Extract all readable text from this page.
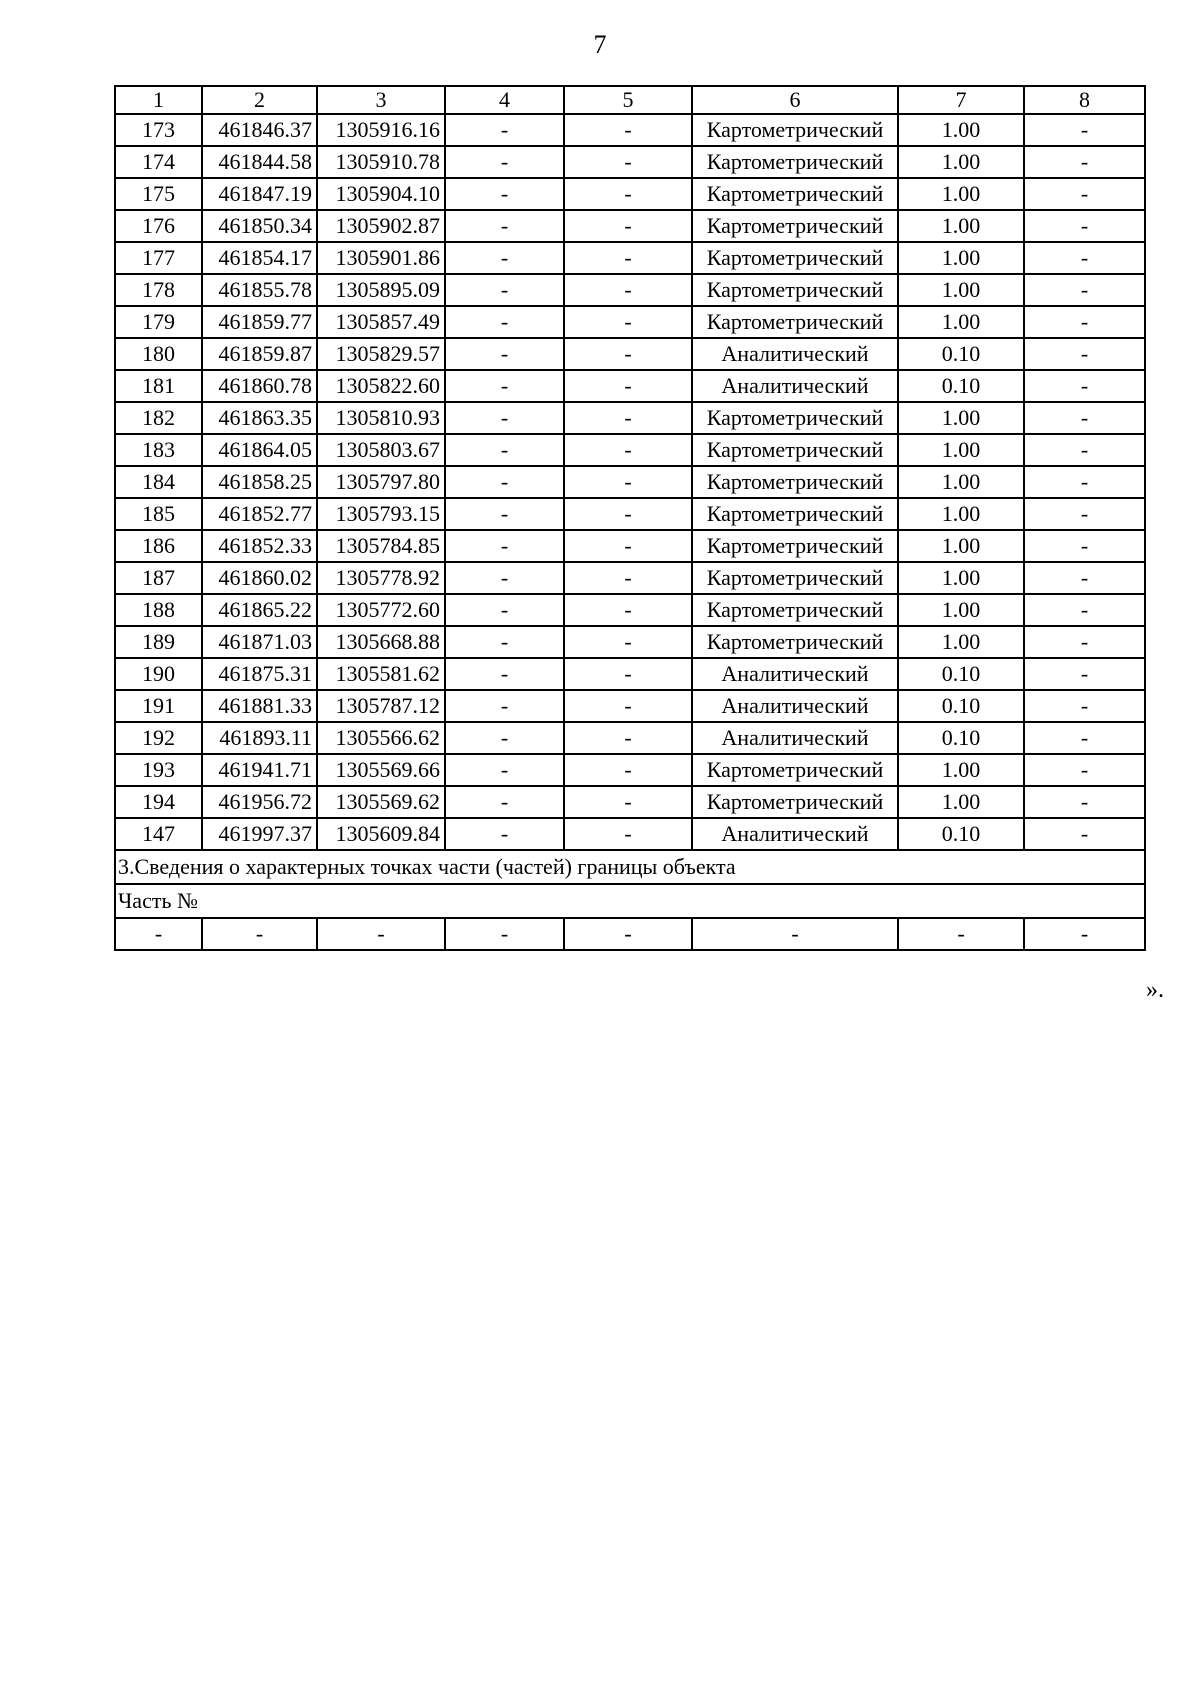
7
1	2	3	4	5	6	7	8
173	461846.37	1305916.16	-	-	Картометрический	1.00	-
174	461844.58	1305910.78	-	-	Картометрический	1.00	-
175	461847.19	1305904.10	-	-	Картометрический	1.00	-
176	461850.34	1305902.87	-	-	Картометрический	1.00	-
177	461854.17	1305901.86	-	-	Картометрический	1.00	-
178	461855.78	1305895.09	-	-	Картометрический	1.00	-
179	461859.77	1305857.49	-	-	Картометрический	1.00	-
180	461859.87	1305829.57	-	-	Аналитический	0.10	-
181	461860.78	1305822.60	-	-	Аналитический	0.10	-
182	461863.35	1305810.93	-	-	Картометрический	1.00	-
183	461864.05	1305803.67	-	-	Картометрический	1.00	-
184	461858.25	1305797.80	-	-	Картометрический	1.00	-
185	461852.77	1305793.15	-	-	Картометрический	1.00	-
186	461852.33	1305784.85	-	-	Картометрический	1.00	-
187	461860.02	1305778.92	-	-	Картометрический	1.00	-
188	461865.22	1305772.60	-	-	Картометрический	1.00	-
189	461871.03	1305668.88	-	-	Картометрический	1.00	-
190	461875.31	1305581.62	-	-	Аналитический	0.10	-
191	461881.33	1305787.12	-	-	Аналитический	0.10	-
192	461893.11	1305566.62	-	-	Аналитический	0.10	-
193	461941.71	1305569.66	-	-	Картометрический	1.00	-
194	461956.72	1305569.62	-	-	Картометрический	1.00	-
147	461997.37	1305609.84	-	-	Аналитический	0.10	-
3.Сведения о характерных точках части (частей) границы объекта							
Часть №							
-	-	-	-	-	-	-	-
».
